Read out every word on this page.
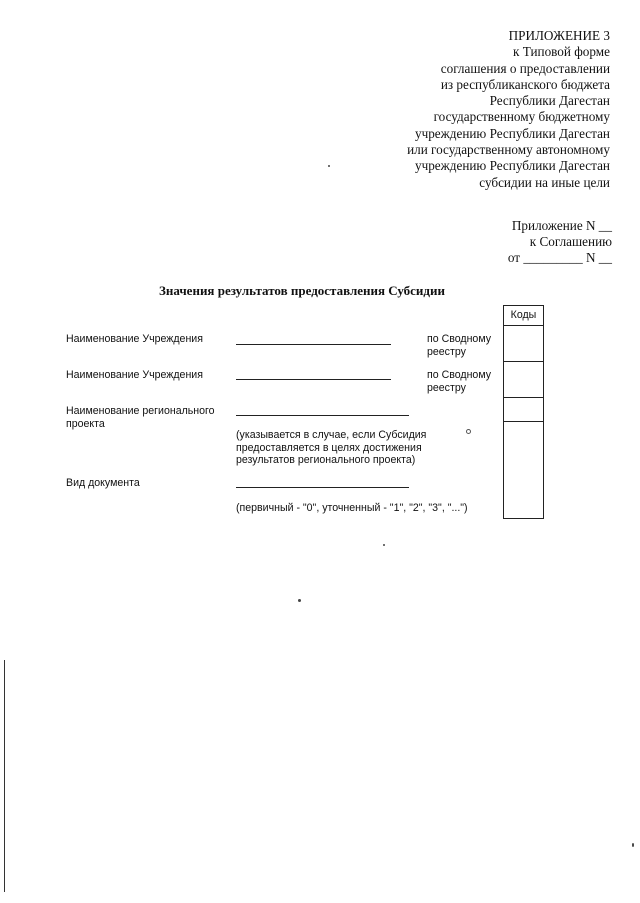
ПРИЛОЖЕНИЕ 3
к Типовой форме
соглашения о предоставлении
из республиканского бюджета
Республики Дагестан
государственному бюджетному
учреждению Республики Дагестан
или государственному автономному
учреждению Республики Дагестан
субсидии на иные цели
Приложение N __
к Соглашению
от _________ N __
Значения результатов предоставления Субсидии
Коды
Наименование Учреждения	по Сводному реестру
Наименование Учреждения	по Сводному реестру
Наименование регионального проекта
(указывается в случае, если Субсидия предоставляется в целях достижения результатов регионального проекта)
Вид документа
(первичный - "0", уточненный - "1", "2", "3", "...")
